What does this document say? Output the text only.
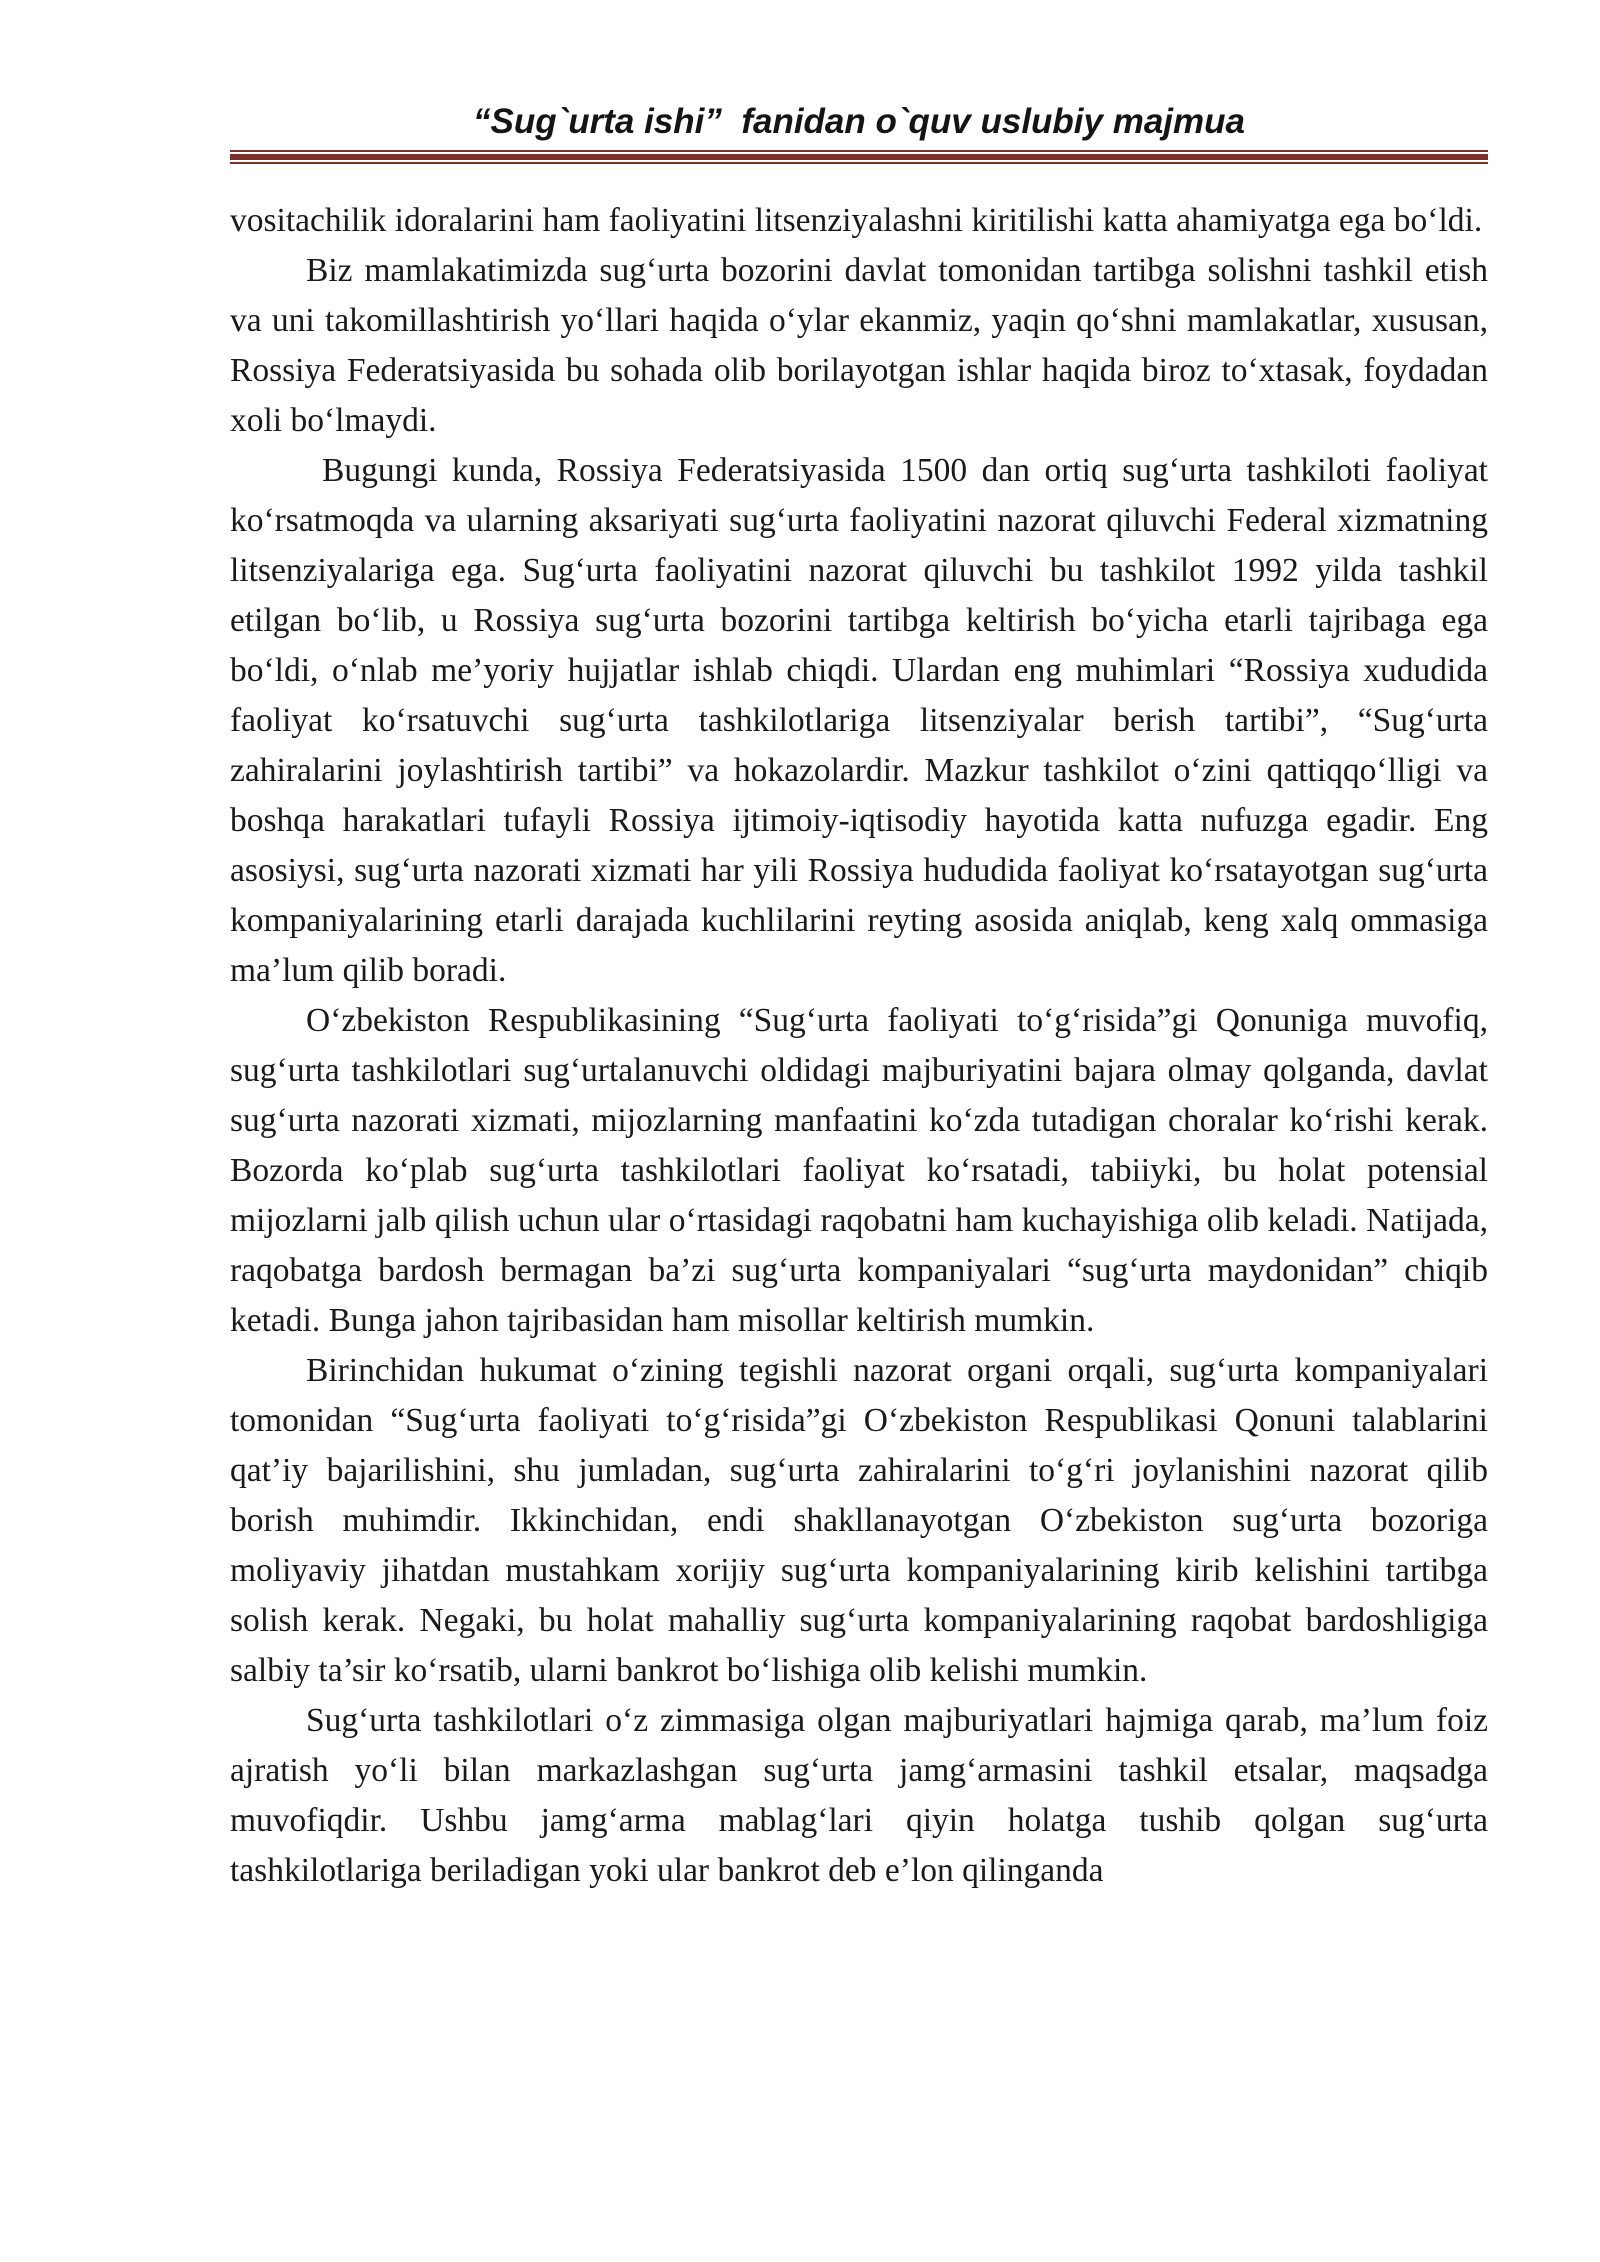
“Sug`urta ishi”  fanidan o`quv uslubiy majmua

vositachilik idoralarini ham faoliyatini litsenziyalashni kiritilishi katta ahamiyatga ega bo‘ldi.

Biz mamlakatimizda sug‘urta bozorini davlat tomonidan tartibga solishni tashkil etish va uni takomillashtirish yo‘llari haqida o‘ylar ekanmiz, yaqin qo‘shni mamlakatlar, xususan, Rossiya Federatsiyasida bu sohada olib borilayotgan ishlar haqida biroz to‘xtasak, foydadan xoli bo‘lmaydi.

Bugungi kunda, Rossiya Federatsiyasida 1500 dan ortiq sug‘urta tashkiloti faoliyat ko‘rsatmoqda va ularning aksariyati sug‘urta faoliyatini nazorat qiluvchi Federal xizmatning litsenziyalariga ega. Sug‘urta faoliyatini nazorat qiluvchi bu tashkilot 1992 yilda tashkil etilgan bo‘lib, u Rossiya sug‘urta bozorini tartibga keltirish bo‘yicha etarli tajribaga ega bo‘ldi, o‘nlab me’yoriy hujjatlar ishlab chiqdi. Ulardan eng muhimlari “Rossiya xududida faoliyat ko‘rsatuvchi sug‘urta tashkilotlariga litsenziyalar berish tartibi”, “Sug‘urta zahiralarini joylashtirish tartibi” va hokazolardir. Mazkur tashkilot o‘zini qattiqqo‘lligi va boshqa harakatlari tufayli Rossiya ijtimoiy-iqtisodiy hayotida katta nufuzga egadir. Eng asosiysi, sug‘urta nazorati xizmati har yili Rossiya hududida faoliyat ko‘rsatayotgan sug‘urta kompaniyalarining etarli darajada kuchlilarini reyting asosida aniqlab, keng xalq ommasiga ma’lum qilib boradi.

O‘zbekiston Respublikasining “Sug‘urta faoliyati to‘g‘risida”gi Qonuniga muvofiq, sug‘urta tashkilotlari sug‘urtalanuvchi oldidagi majburiyatini bajara olmay qolganda, davlat sug‘urta nazorati xizmati, mijozlarning manfaatini ko‘zda tutadigan choralar ko‘rishi kerak. Bozorda ko‘plab sug‘urta tashkilotlari faoliyat ko‘rsatadi, tabiiyki, bu holat potensial mijozlarni jalb qilish uchun ular o‘rtasidagi raqobatni ham kuchayishiga olib keladi. Natijada, raqobatga bardosh bermagan ba’zi sug‘urta kompaniyalari “sug‘urta maydonidan” chiqib ketadi. Bunga jahon tajribasidan ham misollar keltirish mumkin.

Birinchidan hukumat o‘zining tegishli nazorat organi orqali, sug‘urta kompaniyalari tomonidan “Sug‘urta faoliyati to‘g‘risida”gi O‘zbekiston Respublikasi Qonuni talablarini qat’iy bajarilishini, shu jumladan, sug‘urta zahiralarini to‘g‘ri joylanishini nazorat qilib borish muhimdir. Ikkinchidan, endi shakllanayotgan O‘zbekiston sug‘urta bozoriga moliyaviy jihatdan mustahkam xorijiy sug‘urta kompaniyalarining kirib kelishini tartibga solish kerak. Negaki, bu holat mahalliy sug‘urta kompaniyalarining raqobat bardoshligiga salbiy ta’sir ko‘rsatib, ularni bankrot bo‘lishiga olib kelishi mumkin.

Sug‘urta tashkilotlari o‘z zimmasiga olgan majburiyatlari hajmiga qarab, ma’lum foiz ajratish yo‘li bilan markazlashgan sug‘urta jamg‘armasini tashkil etsalar, maqsadga muvofiqdir. Ushbu jamg‘arma mablag‘lari qiyin holatga tushib qolgan sug‘urta tashkilotlariga beriladigan yoki ular bankrot deb e’lon qilinganda
